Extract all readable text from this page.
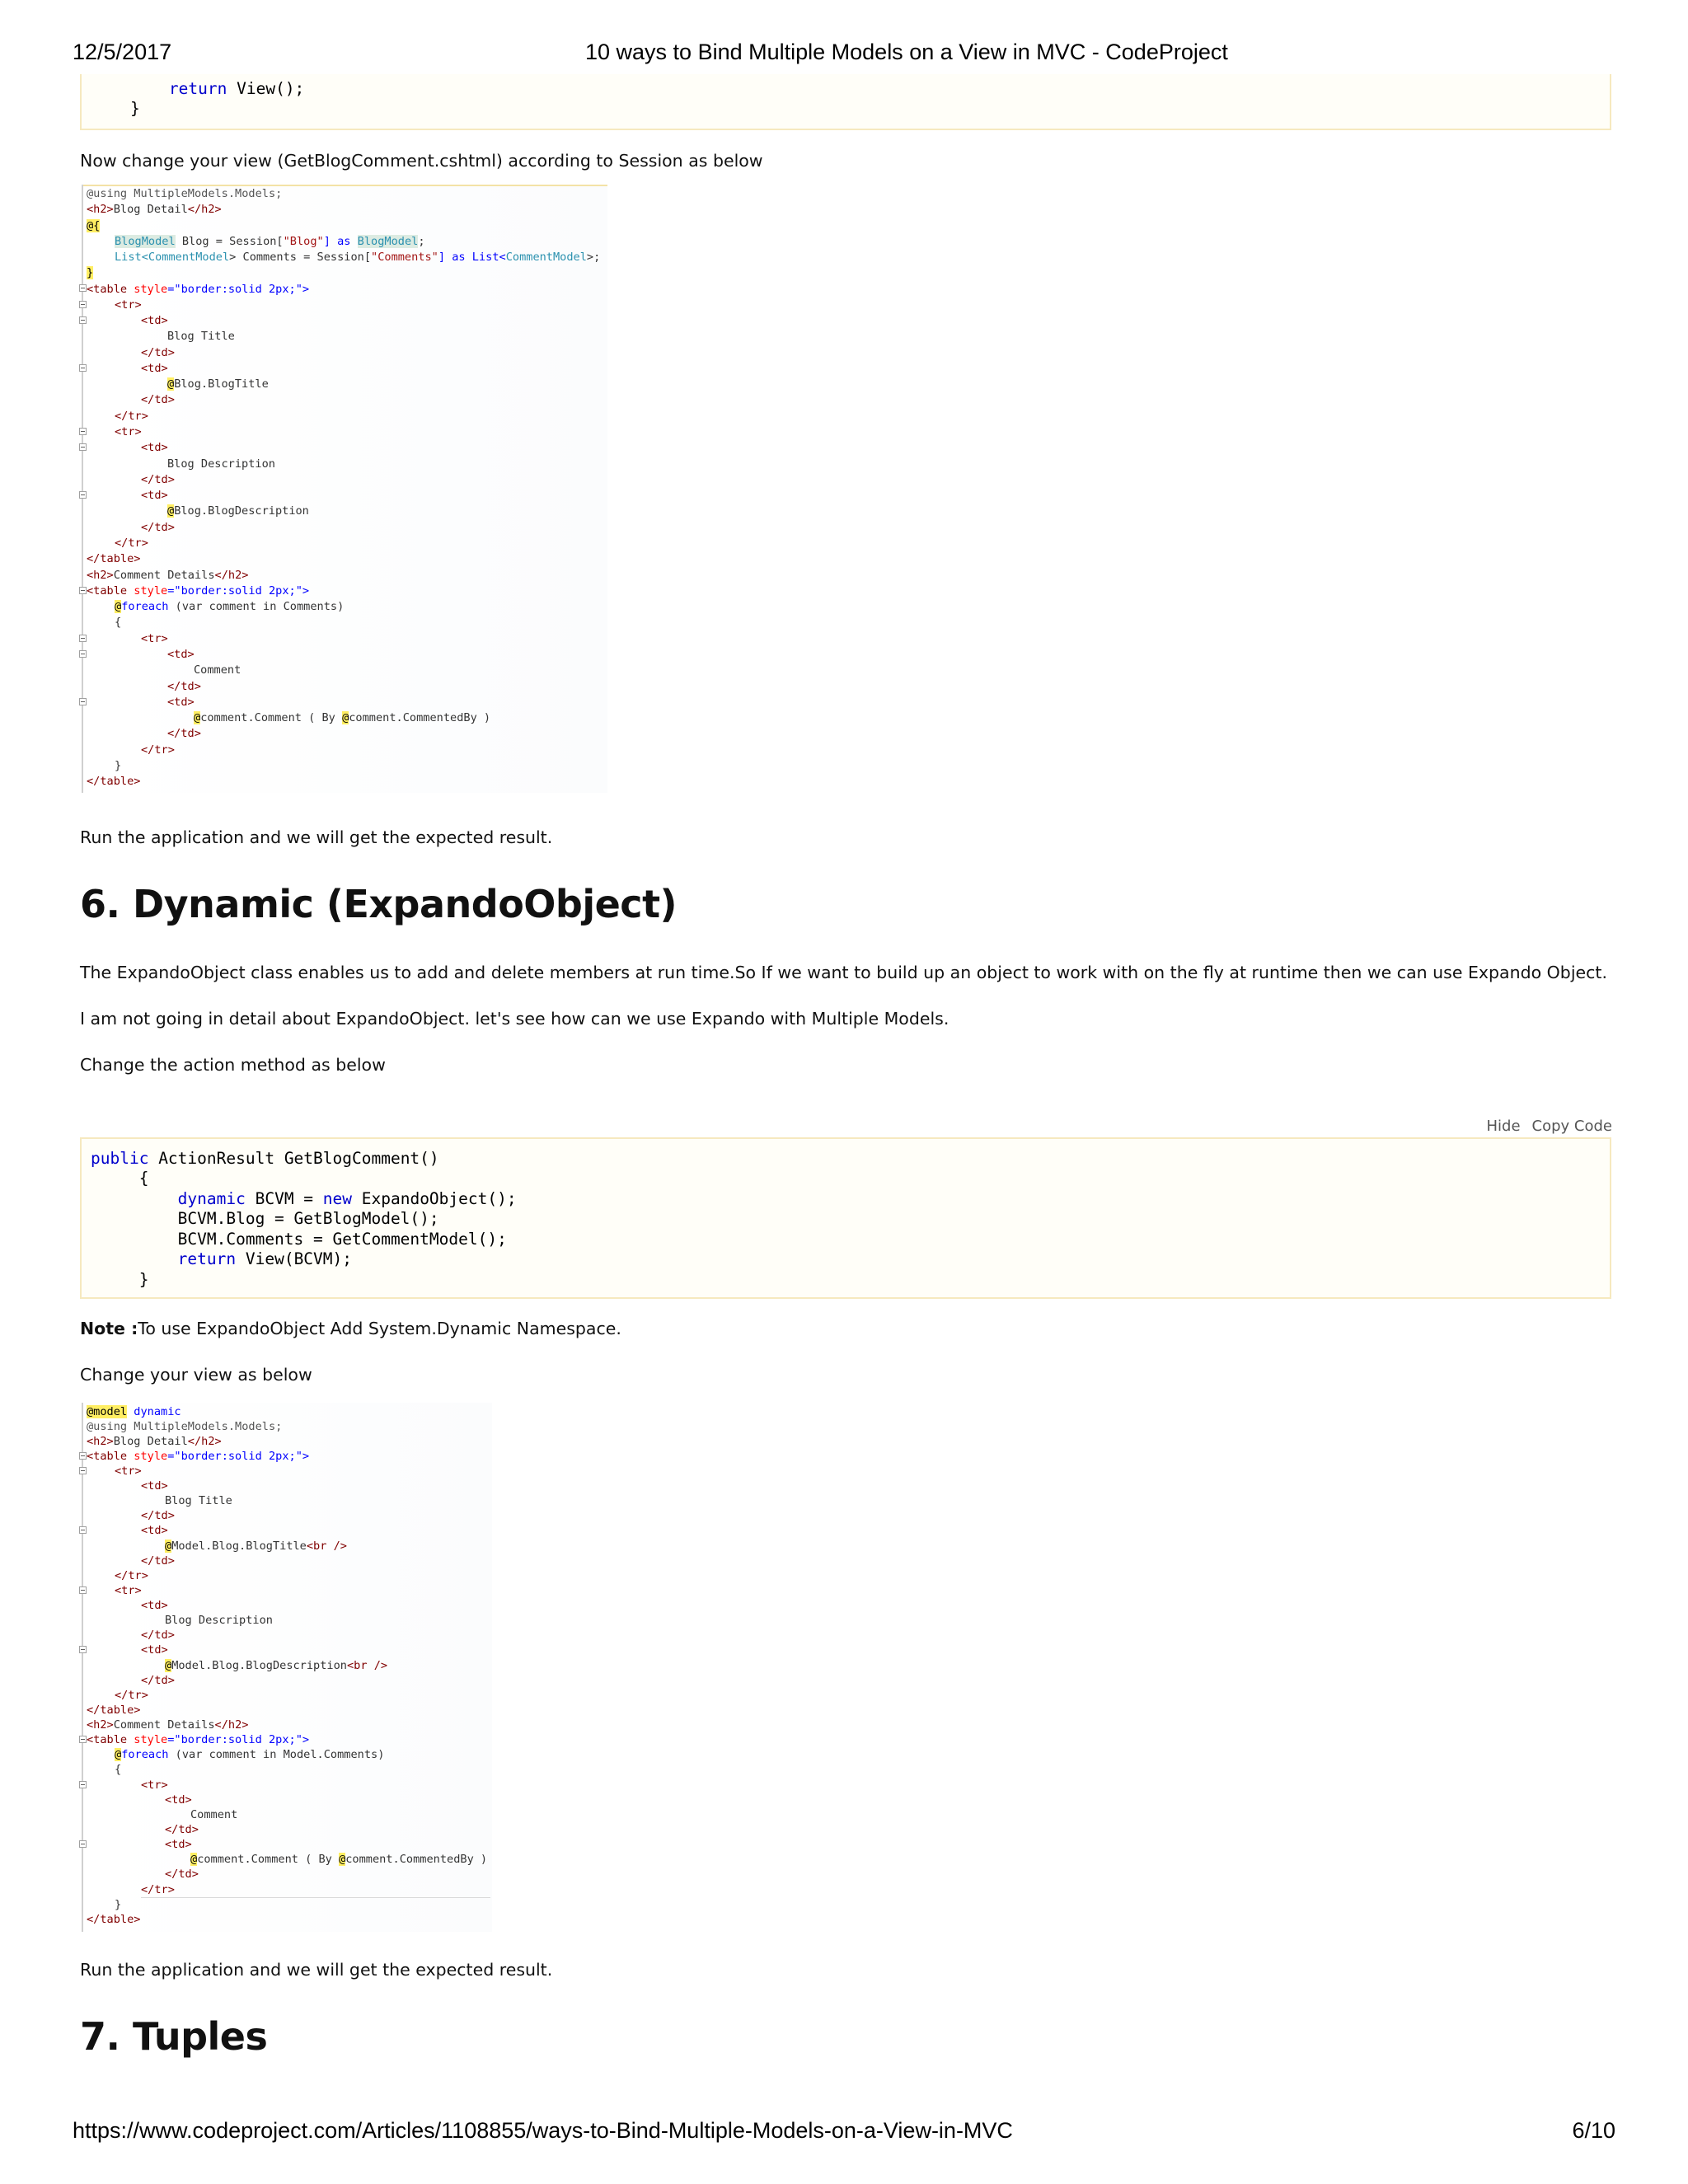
12/5/2017	10 ways to Bind Multiple Models on a View in MVC - CodeProject
return View();
}
Now change your view (GetBlogComment.cshtml) according to Session as below
@using MultipleModels.Models;
<h2>Blog Detail</h2>
@{
BlogModel Blog = Session["Blog"] as BlogModel;
List<CommentModel> Comments = Session["Comments"] as List<CommentModel>;
}
<table style="border:solid 2px;">
<tr>
<td>
Blog Title
</td>
<td>
@Blog.BlogTitle
</td>
</tr>
<tr>
<td>
Blog Description
</td>
<td>
@Blog.BlogDescription
</td>
</tr>
</table>
<h2>Comment Details</h2>
<table style="border:solid 2px;">
@foreach (var comment in Comments)
{
<tr>
<td>
Comment
</td>
<td>
@comment.Comment ( By @comment.CommentedBy )
</td>
</tr>
}
</table>
Run the application and we will get the expected result.
6. Dynamic (ExpandoObject)
The ExpandoObject class enables us to add and delete members at run time.So If we want to build up an object to work with on the fly at runtime then we can use Expando Object.
I am not going in detail about ExpandoObject. let's see how can we use Expando with Multiple Models.
Change the action method as below
Hide Copy Code
public ActionResult GetBlogComment()
{
dynamic BCVM = new ExpandoObject();
BCVM.Blog = GetBlogModel();
BCVM.Comments = GetCommentModel();
return View(BCVM);
}
Note :To use ExpandoObject Add System.Dynamic Namespace.
Change your view as below
@model dynamic
@using MultipleModels.Models;
<h2>Blog Detail</h2>
<table style="border:solid 2px;">
<tr>
<td>
Blog Title
</td>
<td>
@Model.Blog.BlogTitle<br />
</td>
</tr>
<tr>
<td>
Blog Description
</td>
<td>
@Model.Blog.BlogDescription<br />
</td>
</tr>
</table>
<h2>Comment Details</h2>
<table style="border:solid 2px;">
@foreach (var comment in Model.Comments)
{
<tr>
<td>
Comment
</td>
<td>
@comment.Comment ( By @comment.CommentedBy )
</td>
</tr>
}
</table>
Run the application and we will get the expected result.
7. Tuples
https://www.codeproject.com/Articles/1108855/ways-to-Bind-Multiple-Models-on-a-View-in-MVC	6/10
